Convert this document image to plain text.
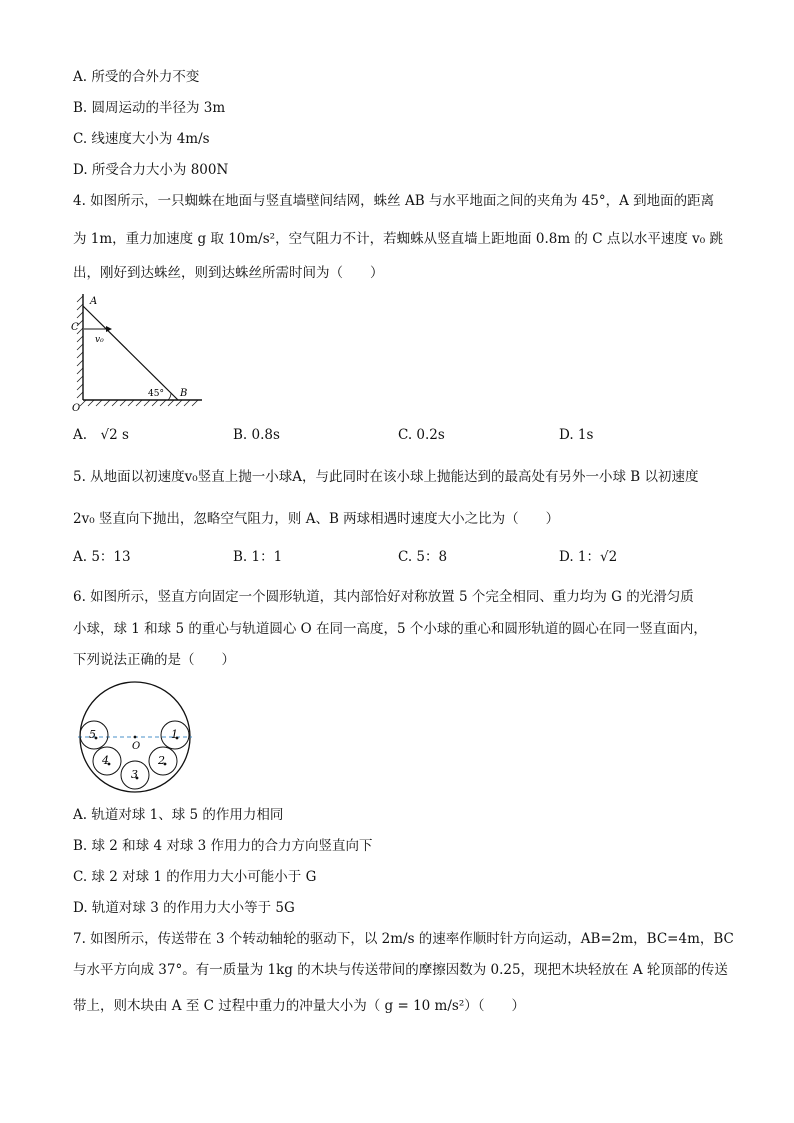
A. 所受的合外力不变
B. 圆周运动的半径为 3m
C. 线速度大小为 4m/s
D. 所受合力大小为 800N
4. 如图所示，一只蜘蛛在地面与竖直墙壁间结网，蛛丝 AB 与水平地面之间的夹角为 45°，A 到地面的距离
为 1m，重力加速度 g 取 10m/s²，空气阻力不计，若蜘蛛从竖直墙上距地面 0.8m 的 C 点以水平速度 v₀ 跳
出，刚好到达蛛丝，则到达蛛丝所需时间为（　　）
A
C
v₀
45° B
O
A.　√2 s	B. 0.8s	C. 0.2s	D. 1s
5. 从地面以初速度v₀竖直上抛一小球A，与此同时在该小球上抛能达到的最高处有另外一小球 B 以初速度
2v₀ 竖直向下抛出，忽略空气阻力，则 A、B 两球相遇时速度大小之比为（　　）
A. 5：13	B. 1：1	C. 5：8	D. 1：√2
6. 如图所示，竖直方向固定一个圆形轨道，其内部恰好对称放置 5 个完全相同、重力均为 G 的光滑匀质
小球，球 1 和球 5 的重心与轨道圆心 O 在同一高度，5 个小球的重心和圆形轨道的圆心在同一竖直面内，
下列说法正确的是（　　）
5	1
4	2
3
O
A. 轨道对球 1、球 5 的作用力相同
B. 球 2 和球 4 对球 3 作用力的合力方向竖直向下
C. 球 2 对球 1 的作用力大小可能小于 G
D. 轨道对球 3 的作用力大小等于 5G
7. 如图所示，传送带在 3 个转动轴轮的驱动下，以 2m/s 的速率作顺时针方向运动，AB=2m，BC=4m，BC
与水平方向成 37°。有一质量为 1kg 的木块与传送带间的摩擦因数为 0.25，现把木块轻放在 A 轮顶部的传送
带上，则木块由 A 至 C 过程中重力的冲量大小为（ g = 10 m/s²）（　　）
